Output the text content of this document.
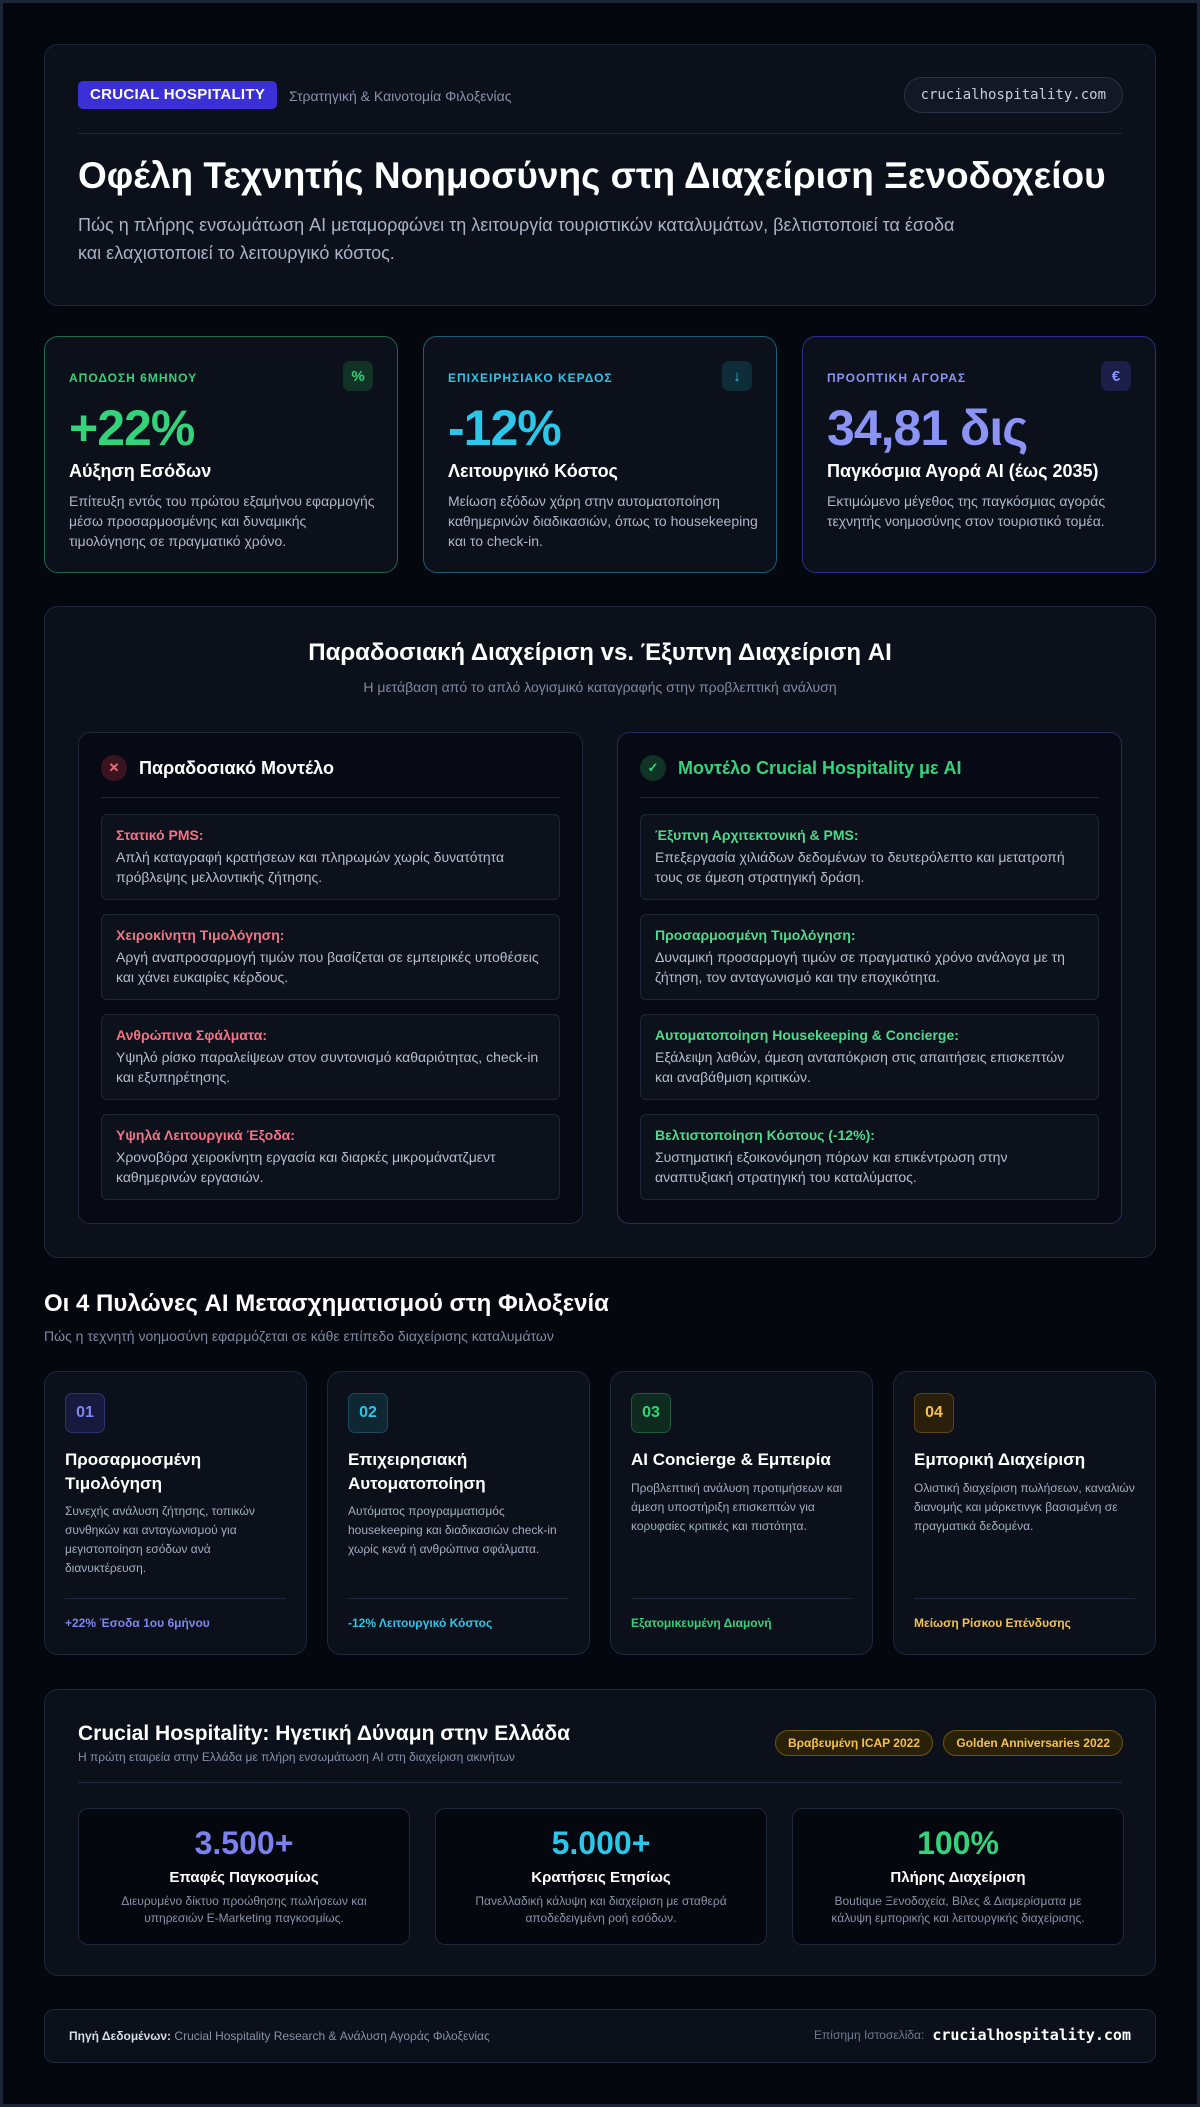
CRUCIAL HOSPITALITY	Στρατηγική & Καινοτομία Φιλοξενίας	crucialhospitality.com
Οφέλη Τεχνητής Νοημοσύνης στη Διαχείριση Ξενοδοχείου

Πώς η πλήρης ενσωμάτωση AI μεταμορφώνει τη λειτουργία τουριστικών καταλυμάτων, βελτιστοποιεί τα έσοδα και ελαχιστοποιεί το λειτουργικό κόστος.

ΑΠΟΔΟΣΗ 6ΜΗΝΟΥ	%
+22%
Αύξηση Εσόδων
Επίτευξη εντός του πρώτου εξαμήνου εφαρμογής μέσω προσαρμοσμένης και δυναμικής τιμολόγησης σε πραγματικό χρόνο.
ΕΠΙΧΕΙΡΗΣΙΑΚΟ ΚΕΡΔΟΣ	↓
-12%
Λειτουργικό Κόστος
Μείωση εξόδων χάρη στην αυτοματοποίηση καθημερινών διαδικασιών, όπως το housekeeping και το check-in.
ΠΡΟΟΠΤΙΚΗ ΑΓΟΡΑΣ	€
34,81 δις
Παγκόσμια Αγορά AI (έως 2035)
Εκτιμώμενο μέγεθος της παγκόσμιας αγοράς τεχνητής νοημοσύνης στον τουριστικό τομέα.
Παραδοσιακή Διαχείριση vs. Έξυπνη Διαχείριση AI
Η μετάβαση από το απλό λογισμικό καταγραφής στην προβλεπτική ανάλυση
✕	Παραδοσιακό Μοντέλο
Στατικό PMS:
Απλή καταγραφή κρατήσεων και πληρωμών χωρίς δυνατότητα πρόβλεψης μελλοντικής ζήτησης.
Χειροκίνητη Τιμολόγηση:
Αργή αναπροσαρμογή τιμών που βασίζεται σε εμπειρικές υποθέσεις και χάνει ευκαιρίες κέρδους.
Ανθρώπινα Σφάλματα:
Υψηλό ρίσκο παραλείψεων στον συντονισμό καθαριότητας, check-in και εξυπηρέτησης.
Υψηλά Λειτουργικά Έξοδα:
Χρονοβόρα χειροκίνητη εργασία και διαρκές μικρομάνατζμεντ καθημερινών εργασιών.
✓	Μοντέλο Crucial Hospitality με AI
Έξυπνη Αρχιτεκτονική & PMS:
Επεξεργασία χιλιάδων δεδομένων το δευτερόλεπτο και μετατροπή τους σε άμεση στρατηγική δράση.
Προσαρμοσμένη Τιμολόγηση:
Δυναμική προσαρμογή τιμών σε πραγματικό χρόνο ανάλογα με τη ζήτηση, τον ανταγωνισμό και την εποχικότητα.
Αυτοματοποίηση Housekeeping & Concierge:
Εξάλειψη λαθών, άμεση ανταπόκριση στις απαιτήσεις επισκεπτών και αναβάθμιση κριτικών.
Βελτιστοποίηση Κόστους (-12%):
Συστηματική εξοικονόμηση πόρων και επικέντρωση στην αναπτυξιακή στρατηγική του καταλύματος.
Οι 4 Πυλώνες AI Μετασχηματισμού στη Φιλοξενία
Πώς η τεχνητή νοημοσύνη εφαρμόζεται σε κάθε επίπεδο διαχείρισης καταλυμάτων
01
Προσαρμοσμένη Τιμολόγηση
Συνεχής ανάλυση ζήτησης, τοπικών συνθηκών και ανταγωνισμού για μεγιστοποίηση εσόδων ανά διανυκτέρευση.
+22% Έσοδα 1ου 6μήνου
02
Επιχειρησιακή Αυτοματοποίηση
Αυτόματος προγραμματισμός housekeeping και διαδικασιών check-in χωρίς κενά ή ανθρώπινα σφάλματα.
-12% Λειτουργικό Κόστος
03
AI Concierge & Εμπειρία
Προβλεπτική ανάλυση προτιμήσεων και άμεση υποστήριξη επισκεπτών για κορυφαίες κριτικές και πιστότητα.
Εξατομικευμένη Διαμονή
04
Εμπορική Διαχείριση
Ολιστική διαχείριση πωλήσεων, καναλιών διανομής και μάρκετινγκ βασισμένη σε πραγματικά δεδομένα.
Μείωση Ρίσκου Επένδυσης
Crucial Hospitality: Ηγετική Δύναμη στην Ελλάδα
Η πρώτη εταιρεία στην Ελλάδα με πλήρη ενσωμάτωση AI στη διαχείριση ακινήτων
Βραβευμένη ICAP 2022	Golden Anniversaries 2022
3.500+
Επαφές Παγκοσμίως
Διευρυμένο δίκτυο προώθησης πωλήσεων και υπηρεσιών E-Marketing παγκοσμίως.
5.000+
Κρατήσεις Ετησίως
Πανελλαδική κάλυψη και διαχείριση με σταθερά αποδεδειγμένη ροή εσόδων.
100%
Πλήρης Διαχείριση
Boutique Ξενοδοχεία, Βίλες & Διαμερίσματα με κάλυψη εμπορικής και λειτουργικής διαχείρισης.
Πηγή Δεδομένων: Crucial Hospitality Research & Ανάλυση Αγοράς Φιλοξενίας	Επίσημη Ιστοσελίδα: crucialhospitality.com
